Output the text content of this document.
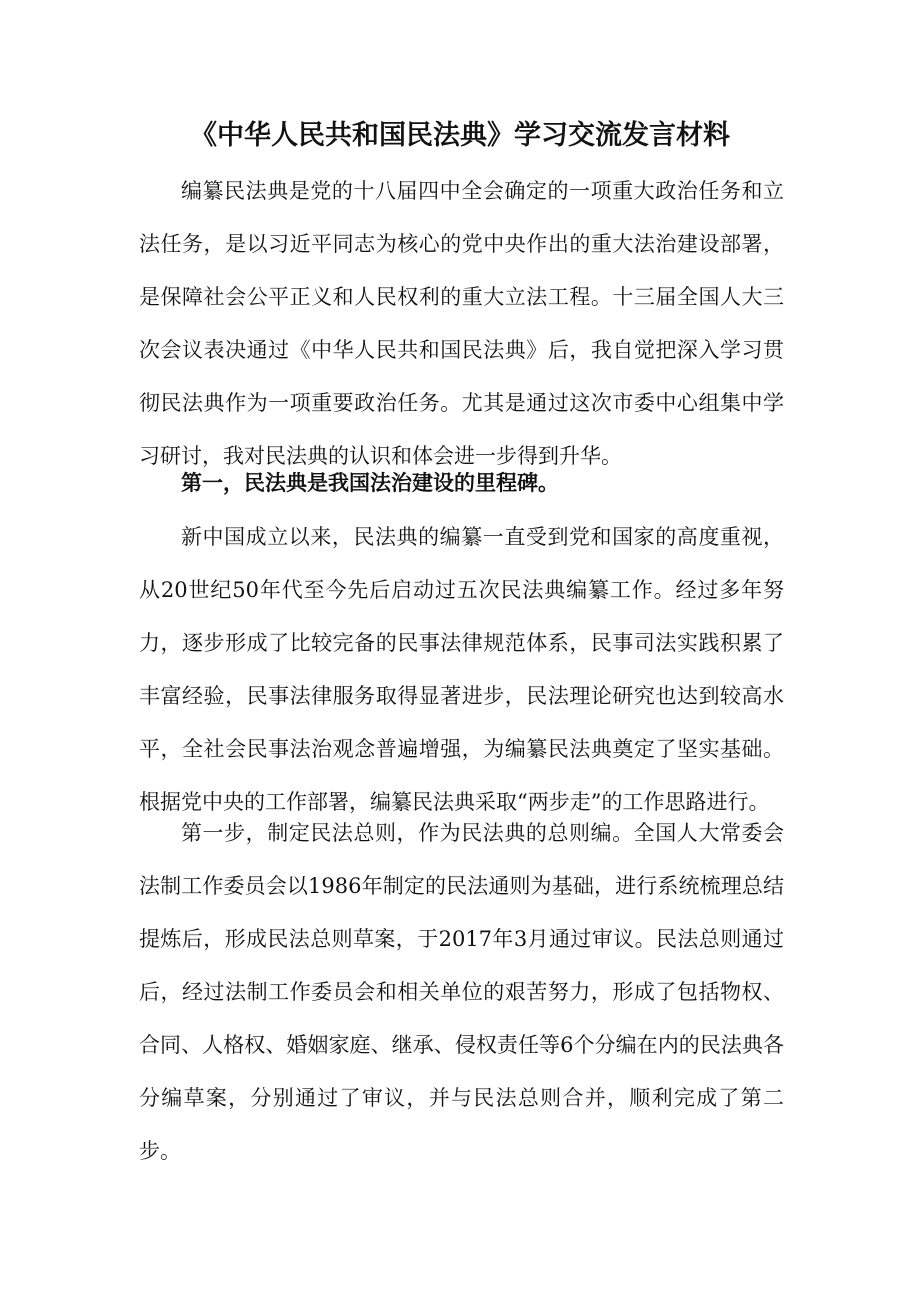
《中华人民共和国民法典》学习交流发言材料

编纂民法典是党的十八届四中全会确定的一项重大政治任务和立法任务，是以习近平同志为核心的党中央作出的重大法治建设部署，是保障社会公平正义和人民权利的重大立法工程。十三届全国人大三次会议表决通过《中华人民共和国民法典》后，我自觉把深入学习贯彻民法典作为一项重要政治任务。尤其是通过这次市委中心组集中学习研讨，我对民法典的认识和体会进一步得到升华。

第一，民法典是我国法治建设的里程碑。

新中国成立以来，民法典的编纂一直受到党和国家的高度重视，从20世纪50年代至今先后启动过五次民法典编纂工作。经过多年努力，逐步形成了比较完备的民事法律规范体系，民事司法实践积累了丰富经验，民事法律服务取得显著进步，民法理论研究也达到较高水平，全社会民事法治观念普遍增强，为编纂民法典奠定了坚实基础。根据党中央的工作部署，编纂民法典采取“两步走”的工作思路进行。

第一步，制定民法总则，作为民法典的总则编。全国人大常委会法制工作委员会以1986年制定的民法通则为基础，进行系统梳理总结提炼后，形成民法总则草案，于2017年3月通过审议。民法总则通过后，经过法制工作委员会和相关单位的艰苦努力，形成了包括物权、合同、人格权、婚姻家庭、继承、侵权责任等6个分编在内的民法典各分编草案，分别通过了审议，并与民法总则合并，顺利完成了第二步。
